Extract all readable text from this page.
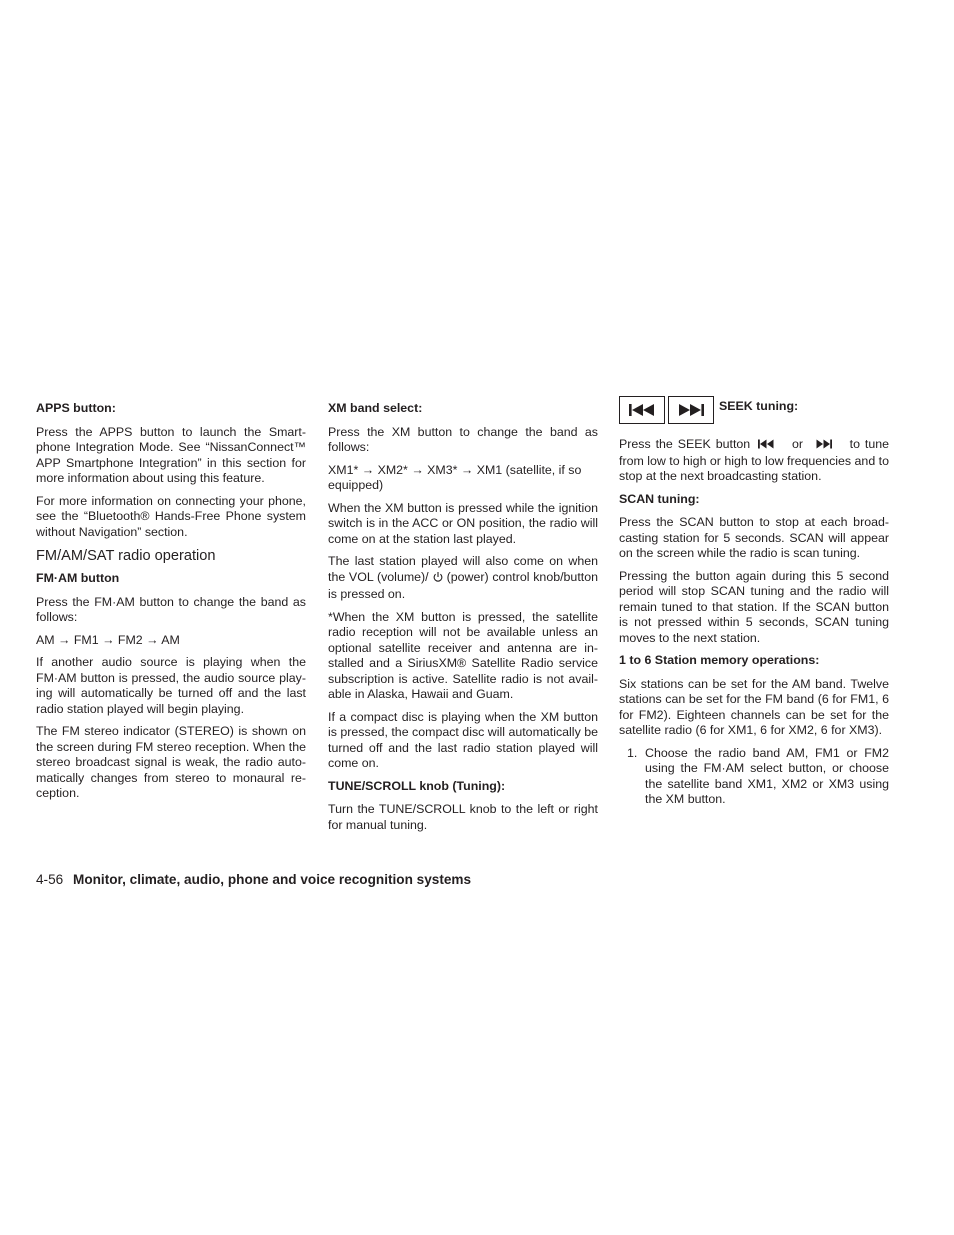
APPS button:

Press the APPS button to launch the Smart-phone Integration Mode. See “NissanConnect™ APP Smartphone Integration” in this section for more information about using this feature.

For more information on connecting your phone, see the “Bluetooth® Hands-Free Phone system without Navigation” section.

FM/AM/SAT radio operation
FM·AM button

Press the FM·AM button to change the band as follows:

AM → FM1 → FM2 → AM

If another audio source is playing when the FM·AM button is pressed, the audio source play-ing will automatically be turned off and the last radio station played will begin playing.

The FM stereo indicator (STEREO) is shown on the screen during FM stereo reception. When the stereo broadcast signal is weak, the radio auto-matically changes from stereo to monaural re-ception.

XM band select:

Press the XM button to change the band as follows:

XM1* → XM2* → XM3* → XM1 (satellite, if so equipped)

When the XM button is pressed while the ignition switch is in the ACC or ON position, the radio will come on at the station last played.

The last station played will also come on when the VOL (volume)/ (power) control knob/button is pressed on.

*When the XM button is pressed, the satellite radio reception will not be available unless an optional satellite receiver and antenna are in-stalled and a SiriusXM® Satellite Radio service subscription is active. Satellite radio is not avail-able in Alaska, Hawaii and Guam.

If a compact disc is playing when the XM button is pressed, the compact disc will automatically be turned off and the last radio station played will come on.

TUNE/SCROLL knob (Tuning):

Turn the TUNE/SCROLL knob to the left or right for manual tuning.

SEEK tuning:

Press the SEEK button	or	to tune from low to high or high to low frequencies and to stop at the next broadcasting station.

SCAN tuning:

Press the SCAN button to stop at each broad-casting station for 5 seconds. SCAN will appear on the screen while the radio is scan tuning.

Pressing the button again during this 5 second period will stop SCAN tuning and the radio will remain tuned to that station. If the SCAN button is not pressed within 5 seconds, SCAN tuning moves to the next station.

1 to 6 Station memory operations:

Six stations can be set for the AM band. Twelve stations can be set for the FM band (6 for FM1, 6 for FM2). Eighteen channels can be set for the satellite radio (6 for XM1, 6 for XM2, 6 for XM3).

1. Choose the radio band AM, FM1 or FM2 using the FM·AM select button, or choose the satellite band XM1, XM2 or XM3 using the XM button.
4-56 Monitor, climate, audio, phone and voice recognition systems
